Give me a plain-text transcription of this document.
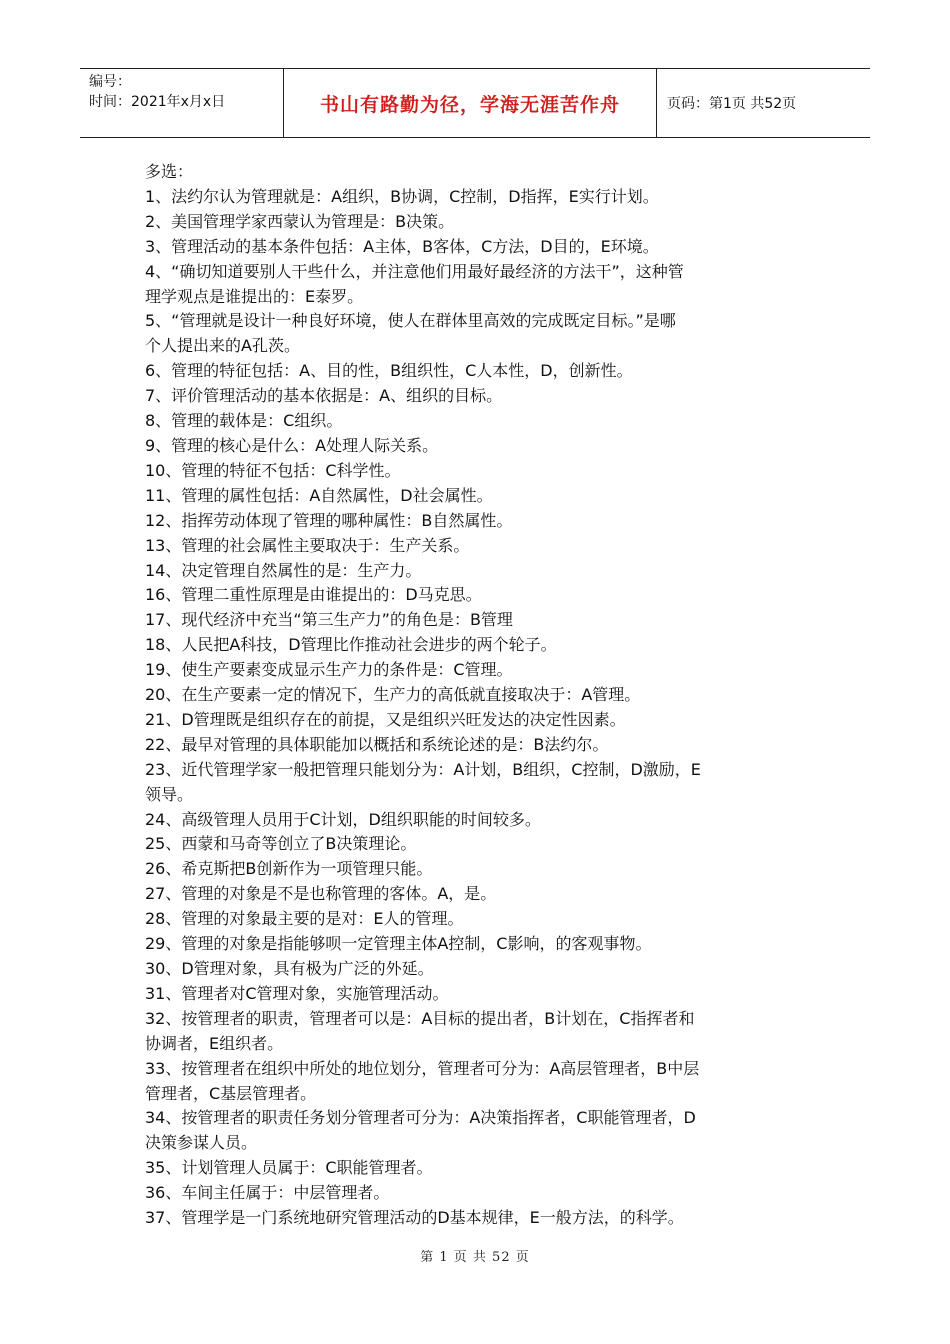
编号：
时间：2021年x月x日	书山有路勤为径，学海无涯苦作舟	页码：第1页 共52页
多选：
1、法约尔认为管理就是：A组织，B协调，C控制，D指挥，E实行计划。
2、美国管理学家西蒙认为管理是：B决策。
3、管理活动的基本条件包括：A主体，B客体，C方法，D目的，E环境。
4、“确切知道要别人干些什么，并注意他们用最好最经济的方法干”，这种管
理学观点是谁提出的：E泰罗。
5、“管理就是设计一种良好环境，使人在群体里高效的完成既定目标。”是哪
个人提出来的A孔茨。
6、管理的特征包括：A、目的性，B组织性，C人本性，D，创新性。
7、评价管理活动的基本依据是：A、组织的目标。
8、管理的载体是：C组织。
9、管理的核心是什么：A处理人际关系。
10、管理的特征不包括：C科学性。
11、管理的属性包括：A自然属性，D社会属性。
12、指挥劳动体现了管理的哪种属性：B自然属性。
13、管理的社会属性主要取决于：生产关系。
14、决定管理自然属性的是：生产力。
16、管理二重性原理是由谁提出的：D马克思。
17、现代经济中充当“第三生产力”的角色是：B管理
18、人民把A科技，D管理比作推动社会进步的两个轮子。
19、使生产要素变成显示生产力的条件是：C管理。
20、在生产要素一定的情况下，生产力的高低就直接取决于：A管理。
21、D管理既是组织存在的前提，又是组织兴旺发达的决定性因素。
22、最早对管理的具体职能加以概括和系统论述的是：B法约尔。
23、近代管理学家一般把管理只能划分为：A计划，B组织，C控制，D激励，E
领导。
24、高级管理人员用于C计划，D组织职能的时间较多。
25、西蒙和马奇等创立了B决策理论。
26、希克斯把B创新作为一项管理只能。
27、管理的对象是不是也称管理的客体。A，是。
28、管理的对象最主要的是对：E人的管理。
29、管理的对象是指能够呗一定管理主体A控制，C影响，的客观事物。
30、D管理对象，具有极为广泛的外延。
31、管理者对C管理对象，实施管理活动。
32、按管理者的职责，管理者可以是：A目标的提出者，B计划在，C指挥者和
协调者，E组织者。
33、按管理者在组织中所处的地位划分，管理者可分为：A高层管理者，B中层
管理者，C基层管理者。
34、按管理者的职责任务划分管理者可分为：A决策指挥者，C职能管理者，D
决策参谋人员。
35、计划管理人员属于：C职能管理者。
36、车间主任属于：中层管理者。
37、管理学是一门系统地研究管理活动的D基本规律，E一般方法，的科学。
第 1 页 共 52 页
